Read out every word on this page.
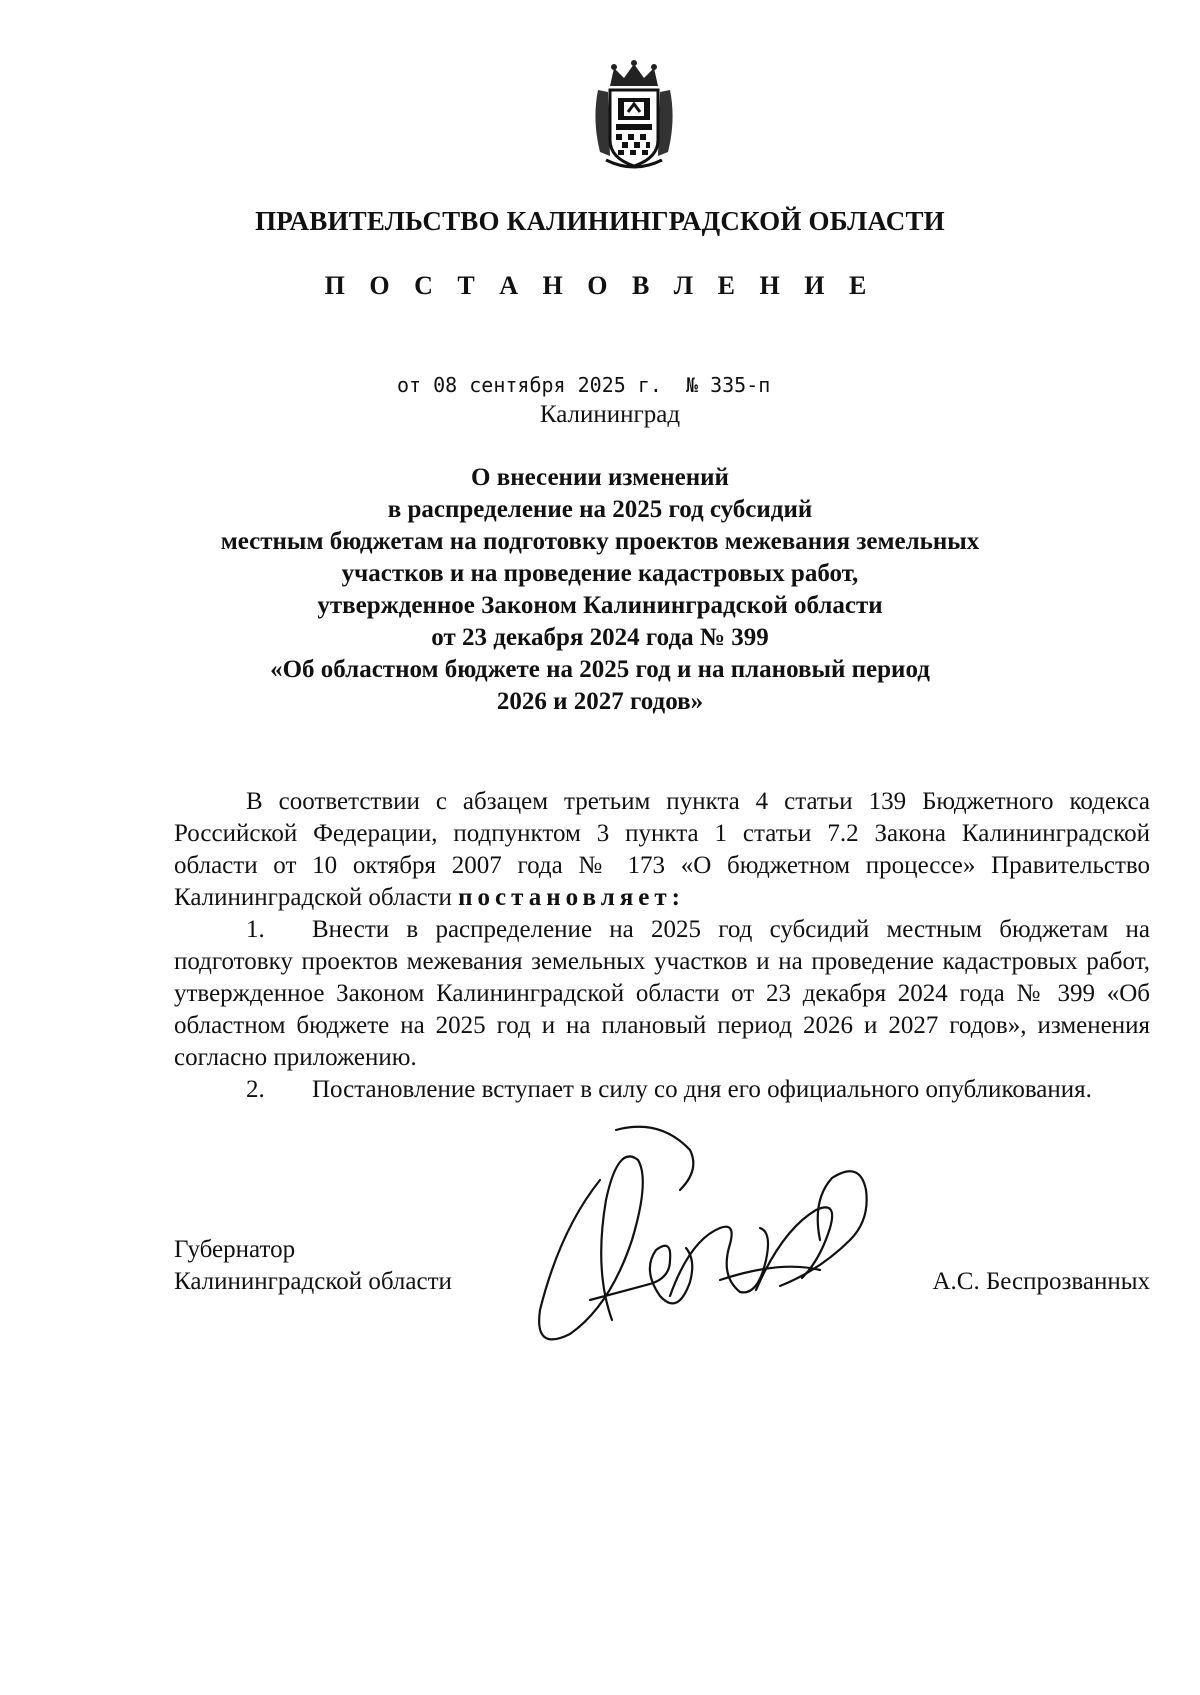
ПРАВИТЕЛЬСТВО КАЛИНИНГРАДСКОЙ ОБЛАСТИ
П О С Т А Н О В Л Е Н И Е
от 08 сентября 2025 г.  № 335-п
Калининград
О внесении изменений
в распределение на 2025 год субсидий
местным бюджетам на подготовку проектов межевания земельных
участков и на проведение кадастровых работ,
утвержденное Законом Калининградской области
от 23 декабря 2024 года № 399
«Об областном бюджете на 2025 год и на плановый период
2026 и 2027 годов»

В соответствии с абзацем третьим пункта 4 статьи 139 Бюджетного кодекса Российской Федерации, подпунктом 3 пункта 1 статьи 7.2 Закона Калининградской области от 10 октября 2007 года № 173 «О бюджетном процессе» Правительство Калининградской области постановляет:

1. Внести в распределение на 2025 год субсидий местным бюджетам на подготовку проектов межевания земельных участков и на проведение кадастровых работ, утвержденное Законом Калининградской области от 23 декабря 2024 года № 399 «Об областном бюджете на 2025 год и на плановый период 2026 и 2027 годов», изменения согласно приложению.

2. Постановление вступает в силу со дня его официального опубликования.

Губернатор
Калининградской области	А.С. Беспрозванных
